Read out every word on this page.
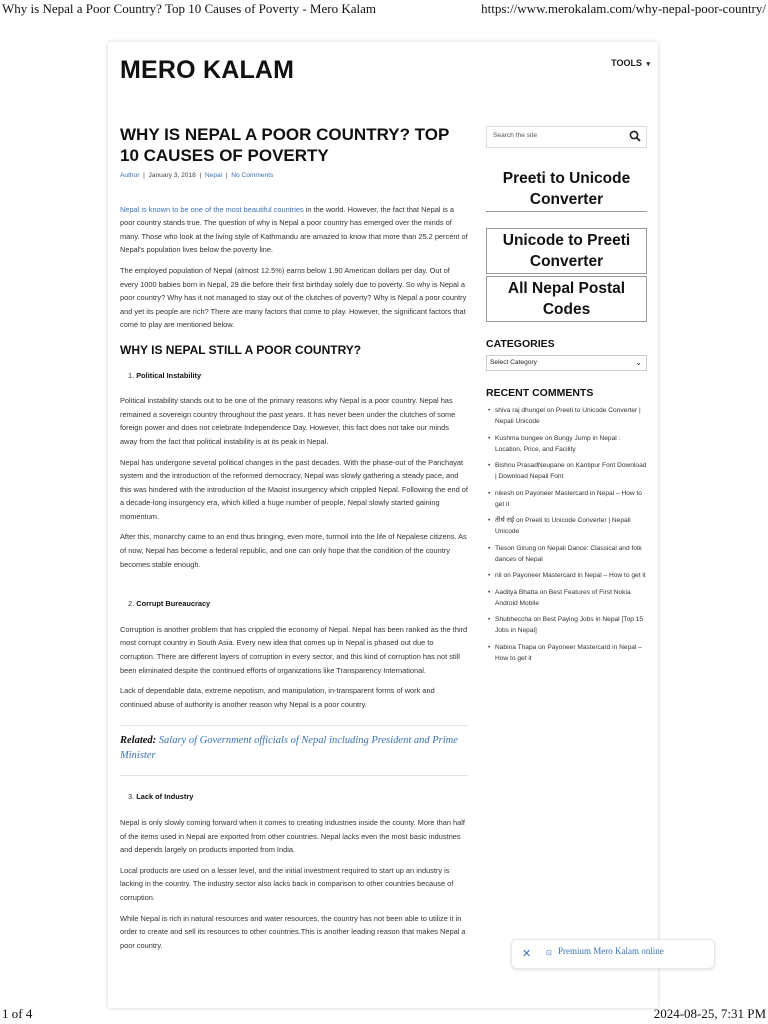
Why is Nepal a Poor Country? Top 10 Causes of Poverty - Mero Kalam	https://www.merokalam.com/why-nepal-poor-country/
MERO KALAM	TOOLS ▾
WHY IS NEPAL A POOR COUNTRY? TOP 10 CAUSES OF POVERTY
Author  |  January 3, 2018  |  Nepal  |  No Comments

Nepal is known to be one of the most beautiful countries in the world. However, the fact that Nepal is a poor country stands true. The question of why is Nepal a poor country has emerged over the minds of many. Those who look at the living style of Kathmandu are amazed to know that more than 25.2 percent of Nepal's population lives below the poverty line.

The employed population of Nepal (almost 12.5%) earns below 1.90 American dollars per day. Out of every 1000 babies born in Nepal, 29 die before their first birthday solely due to poverty. So why is Nepal a poor country? Why has it not managed to stay out of the clutches of poverty? Why is Nepal a poor country and yet its people are rich? There are many factors that come to play. However, the significant factors that come to play are mentioned below.

WHY IS NEPAL STILL A POOR COUNTRY?
1. Political Instability

Political instability stands out to be one of the primary reasons why Nepal is a poor country. Nepal has remained a sovereign country throughout the past years. It has never been under the clutches of some foreign power and does not celebrate Independence Day. However, this fact does not take our minds away from the fact that political instability is at its peak in Nepal.

Nepal has undergone several political changes in the past decades. With the phase-out of the Panchayat system and the introduction of the reformed democracy, Nepal was slowly gathering a steady pace, and this was hindered with the introduction of the Maoist insurgency which crippled Nepal. Following the end of a decade-long insurgency era, which killed a huge number of people, Nepal slowly started gaining momentum.

After this, monarchy came to an end thus bringing, even more, turmoil into the life of Nepalese citizens. As of now, Nepal has become a federal republic, and one can only hope that the condition of the country becomes stable enough.

2. Corrupt Bureaucracy

Corruption is another problem that has crippled the economy of Nepal. Nepal has been ranked as the third most corrupt country in South Asia. Every new idea that comes up in Nepal is phased out due to corruption. There are different layers of corruption in every sector, and this kind of corruption has not still been eliminated despite the continued efforts of organizations like Transparency International.

Lack of dependable data, extreme nepotism, and manipulation, in-transparent forms of work and continued abuse of authority is another reason why Nepal is a poor country.

Related: Salary of Government officials of Nepal including President and Prime Minister
3. Lack of Industry

Nepal is only slowly coming forward when it comes to creating industries inside the county. More than half of the items used in Nepal are exported from other countries. Nepal lacks even the most basic industries and depends largely on products imported from India.

Local products are used on a lesser level, and the initial investment required to start up an industry is lacking in the country. The industry sector also lacks back in comparison to other countries because of corruption.

While Nepal is rich in natural resources and water resources, the country has not been able to utilize it in order to create and sell its resources to other countries.This is another leading reason that makes Nepal a poor country.

Search the site
Preeti to Unicode Converter
Unicode to Preeti Converter
All Nepal Postal Codes
CATEGORIES
Select Category	⌄
RECENT COMMENTS
• shiva raj dhungel on Preeti to Unicode Converter | Nepali Unicode
• Kushma bungee on Bungy Jump in Nepal : Location, Price, and Facility
• Bishnu PrasadNeupane on Kantipur Font Download | Download Nepali Font
• nikesh on Payoneer Mastercard in Nepal – How to get it
• तीर्थ राई on Preeti to Unicode Converter | Nepali Unicode
• Tieson Girung on Nepali Dance: Classical and folk dances of Nepal
• nil on Payoneer Mastercard in Nepal – How to get it
• Aaditya Bhatta on Best Features of First Nokia Android Mobile
• Shubheccha on Best Paying Jobs in Nepal [Top 15 Jobs in Nepal]
• Nabina Thapa on Payoneer Mastercard in Nepal – How to get it
✕ ⊡ Premium Mero Kalam online
1 of 4	2024-08-25, 7:31 PM
